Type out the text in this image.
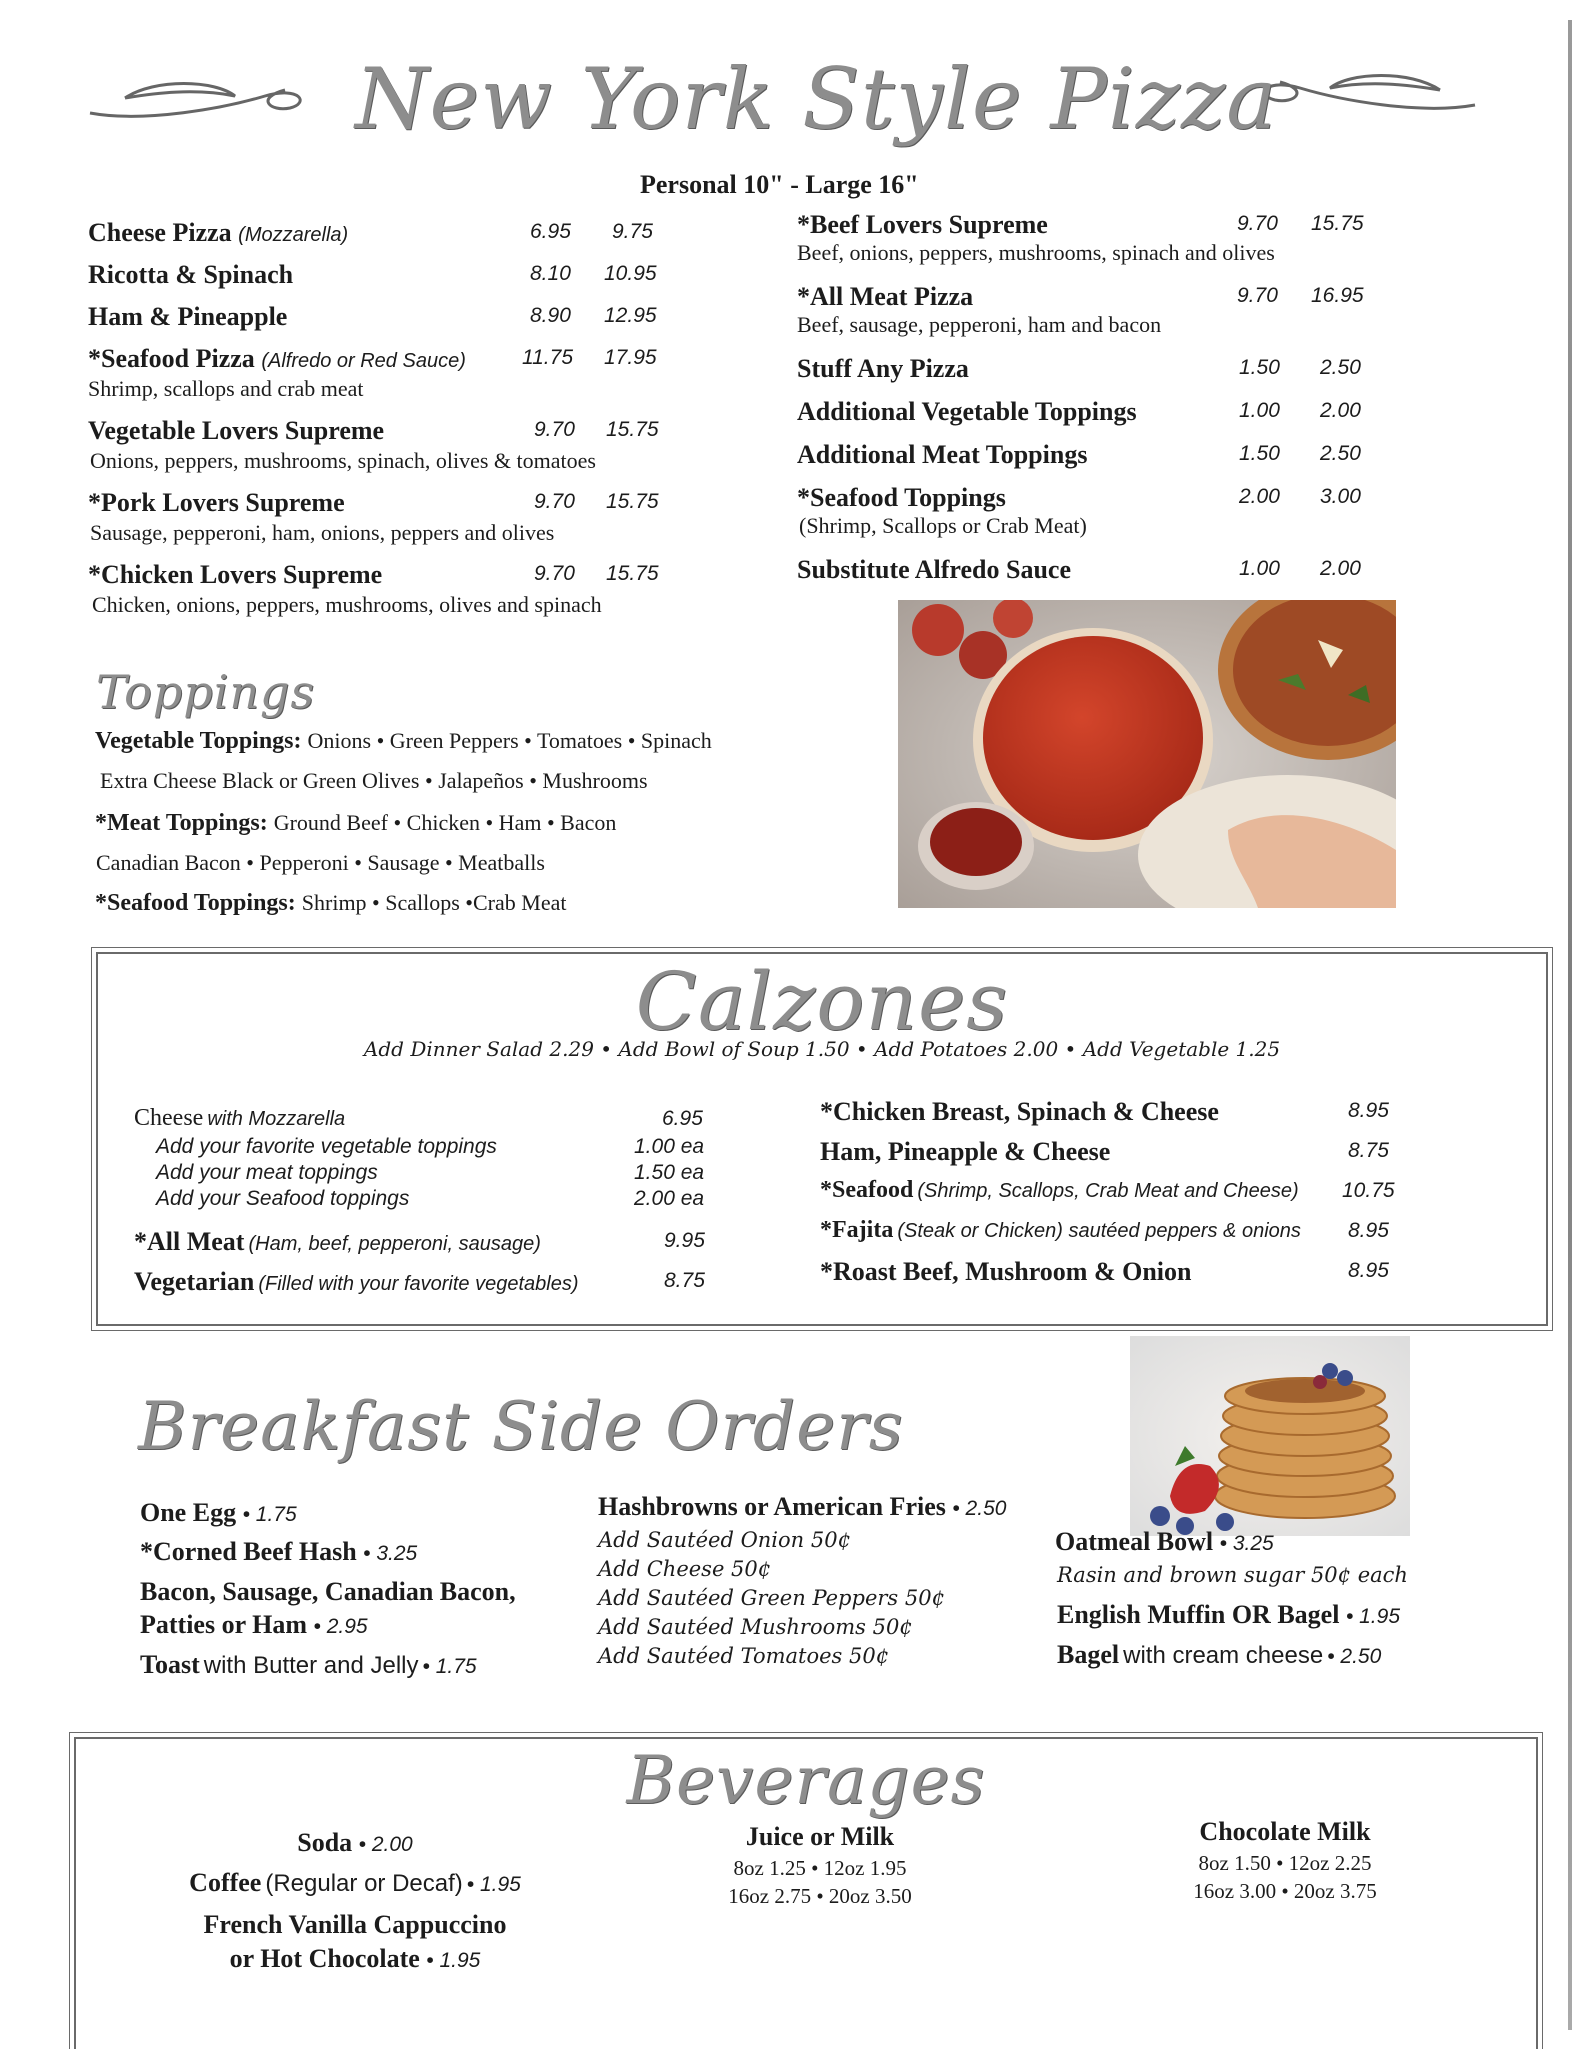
New York Style Pizza
Personal 10" - Large 16"
Cheese Pizza (Mozzarella)	6.95 9.75
Ricotta & Spinach	8.10 10.95
Ham & Pineapple	8.90 12.95
*Seafood Pizza (Alfredo or Red Sauce)	11.75 17.95
Shrimp, scallops and crab meat
Vegetable Lovers Supreme	9.70 15.75
Onions, peppers, mushrooms, spinach, olives & tomatoes
*Pork Lovers Supreme	9.70 15.75
Sausage, pepperoni, ham, onions, peppers and olives
*Chicken Lovers Supreme	9.70 15.75
Chicken, onions, peppers, mushrooms, olives and spinach
*Beef Lovers Supreme	9.70 15.75
Beef, onions, peppers, mushrooms, spinach and olives
*All Meat Pizza	9.70 16.95
Beef, sausage, pepperoni, ham and bacon
Stuff Any Pizza	1.50 2.50
Additional Vegetable Toppings	1.00 2.00
Additional Meat Toppings	1.50 2.50
*Seafood Toppings	2.00 3.00
(Shrimp, Scallops or Crab Meat)
Substitute Alfredo Sauce	1.00 2.00
Toppings
Vegetable Toppings: Onions • Green Peppers • Tomatoes • Spinach
Extra Cheese Black or Green Olives • Jalapeños • Mushrooms
*Meat Toppings: Ground Beef • Chicken • Ham • Bacon
Canadian Bacon • Pepperoni • Sausage • Meatballs
*Seafood Toppings: Shrimp • Scallops •Crab Meat
Calzones
Add Dinner Salad 2.29 • Add Bowl of Soup 1.50 • Add Potatoes 2.00 • Add Vegetable 1.25
Cheese with Mozzarella	6.95
Add your favorite vegetable toppings	1.00 ea
Add your meat toppings	1.50 ea
Add your Seafood toppings	2.00 ea
*All Meat (Ham, beef, pepperoni, sausage)	9.95
Vegetarian (Filled with your favorite vegetables)	8.75
*Chicken Breast, Spinach & Cheese	8.95
Ham, Pineapple & Cheese	8.75
*Seafood (Shrimp, Scallops, Crab Meat and Cheese) 10.75
*Fajita (Steak or Chicken) sautéed peppers & onions 8.95
*Roast Beef, Mushroom & Onion	8.95
Breakfast Side Orders
One Egg • 1.75
*Corned Beef Hash • 3.25
Bacon, Sausage, Canadian Bacon,
Patties or Ham • 2.95
Toast with Butter and Jelly • 1.75
Hashbrowns or American Fries • 2.50
Add Sautéed Onion 50¢
Add Cheese 50¢
Add Sautéed Green Peppers 50¢
Add Sautéed Mushrooms 50¢
Add Sautéed Tomatoes 50¢
Oatmeal Bowl • 3.25
Rasin and brown sugar 50¢ each
English Muffin OR Bagel • 1.95
Bagel with cream cheese • 2.50
Beverages
Soda • 2.00
Coffee (Regular or Decaf) • 1.95
French Vanilla Cappuccino
or Hot Chocolate • 1.95
Juice or Milk
8oz 1.25 • 12oz 1.95
16oz 2.75 • 20oz 3.50
Chocolate Milk
8oz 1.50 • 12oz 2.25
16oz 3.00 • 20oz 3.75
